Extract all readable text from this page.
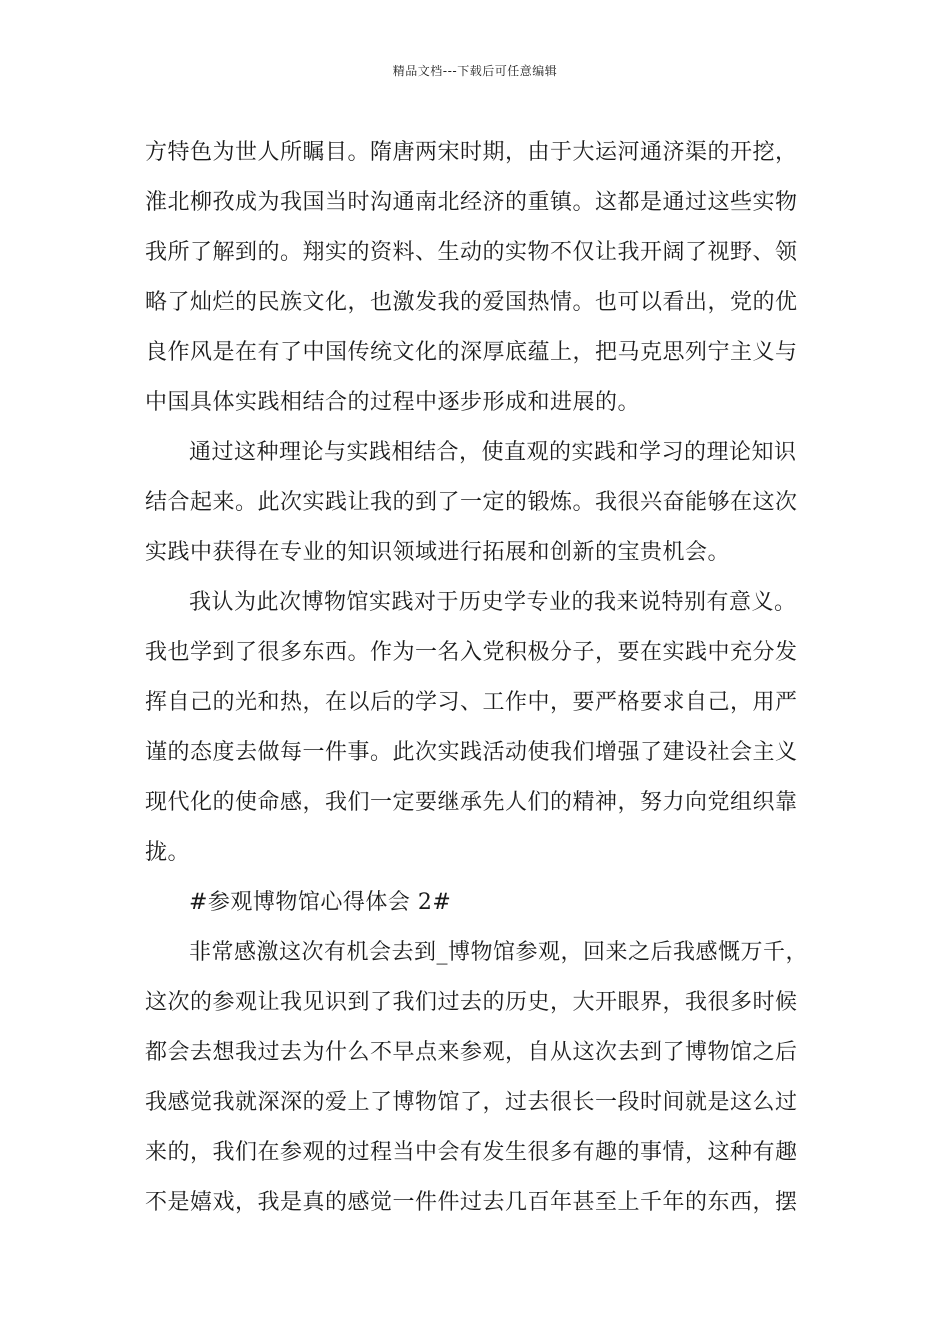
精品文档---下载后可任意编辑
方特色为世人所瞩目。隋唐两宋时期，由于大运河通济渠的开挖，
淮北柳孜成为我国当时沟通南北经济的重镇。这都是通过这些实物
我所了解到的。翔实的资料、生动的实物不仅让我开阔了视野、领
略了灿烂的民族文化，也激发我的爱国热情。也可以看出，党的优
良作风是在有了中国传统文化的深厚底蕴上，把马克思列宁主义与
中国具体实践相结合的过程中逐步形成和进展的。
通过这种理论与实践相结合，使直观的实践和学习的理论知识
结合起来。此次实践让我的到了一定的锻炼。我很兴奋能够在这次
实践中获得在专业的知识领域进行拓展和创新的宝贵机会。
我认为此次博物馆实践对于历史学专业的我来说特别有意义。
我也学到了很多东西。作为一名入党积极分子，要在实践中充分发
挥自己的光和热，在以后的学习、工作中，要严格要求自己，用严
谨的态度去做每一件事。此次实践活动使我们增强了建设社会主义
现代化的使命感，我们一定要继承先人们的精神，努力向党组织靠
拢。
#参观博物馆心得体会 2#
非常感激这次有机会去到_博物馆参观，回来之后我感慨万千，
这次的参观让我见识到了我们过去的历史，大开眼界，我很多时候
都会去想我过去为什么不早点来参观，自从这次去到了博物馆之后
我感觉我就深深的爱上了博物馆了，过去很长一段时间就是这么过
来的，我们在参观的过程当中会有发生很多有趣的事情，这种有趣
不是嬉戏，我是真的感觉一件件过去几百年甚至上千年的东西，摆
